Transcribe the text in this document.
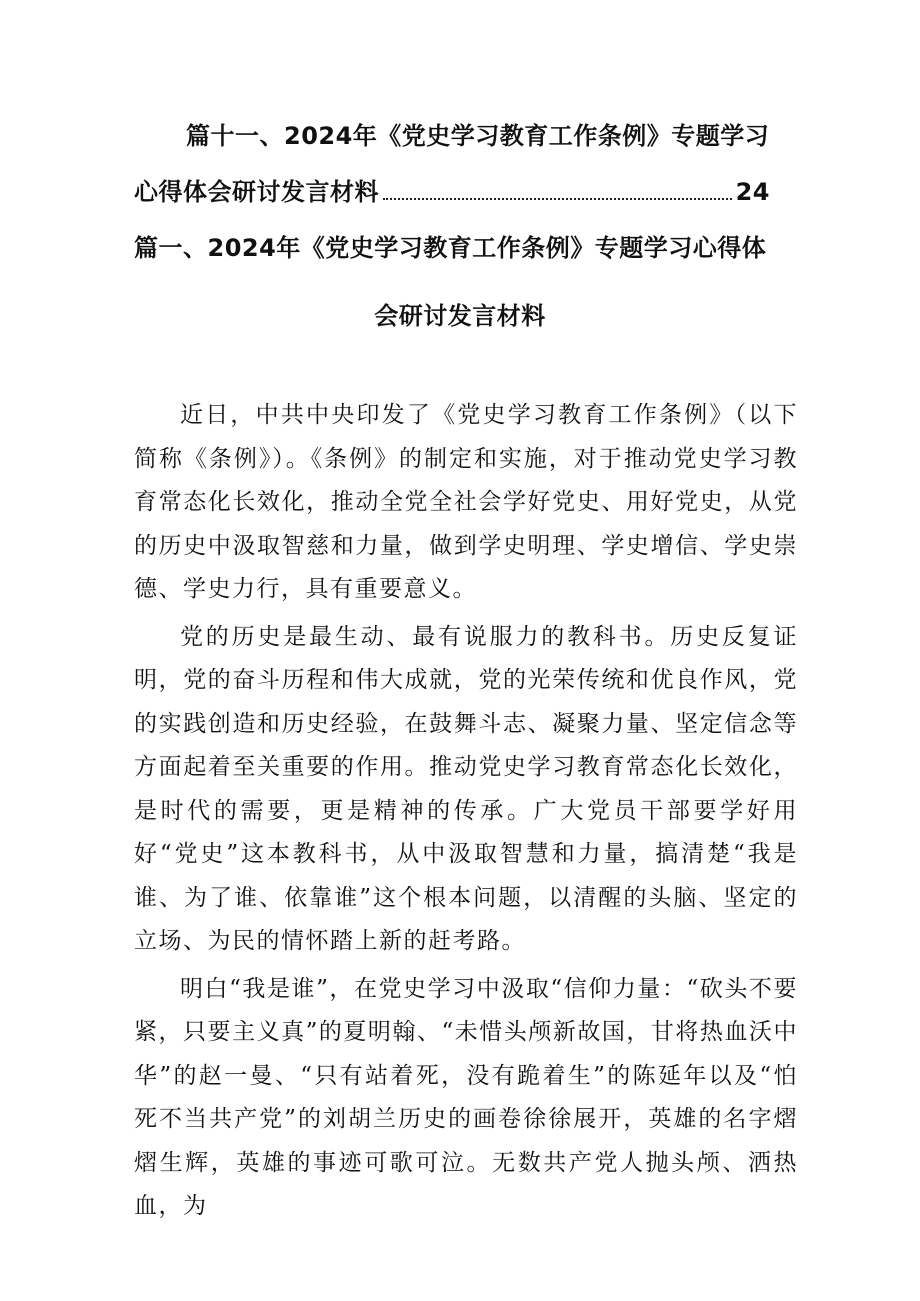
篇十一、2024年《党史学习教育工作条例》专题学习
心得体会研讨发言材料	24
篇一、2024年《党史学习教育工作条例》专题学习心得体
会研讨发言材料

近日，中共中央印发了《党史学习教育工作条例》（以下简称《条例》）。《条例》的制定和实施，对于推动党史学习教育常态化长效化，推动全党全社会学好党史、用好党史，从党的历史中汲取智慈和力量，做到学史明理、学史增信、学史崇德、学史力行，具有重要意义。

党的历史是最生动、最有说服力的教科书。历史反复证明，党的奋斗历程和伟大成就，党的光荣传统和优良作风，党的实践创造和历史经验，在鼓舞斗志、凝聚力量、坚定信念等方面起着至关重要的作用。推动党史学习教育常态化长效化，是时代的需要，更是精神的传承。广大党员干部要学好用好“党史”这本教科书，从中汲取智慧和力量，搞清楚“我是谁、为了谁、依靠谁”这个根本问题，以清醒的头脑、坚定的立场、为民的情怀踏上新的赶考路。

明白“我是谁”，在党史学习中汲取“信仰力量：“砍头不要紧，只要主义真”的夏明翰、“未惜头颅新故国，甘将热血沃中华”的赵一曼、“只有站着死，没有跪着生”的陈延年以及“怕死不当共产党”的刘胡兰历史的画卷徐徐展开，英雄的名字熠熠生辉，英雄的事迹可歌可泣。无数共产党人抛头颅、洒热血，为
